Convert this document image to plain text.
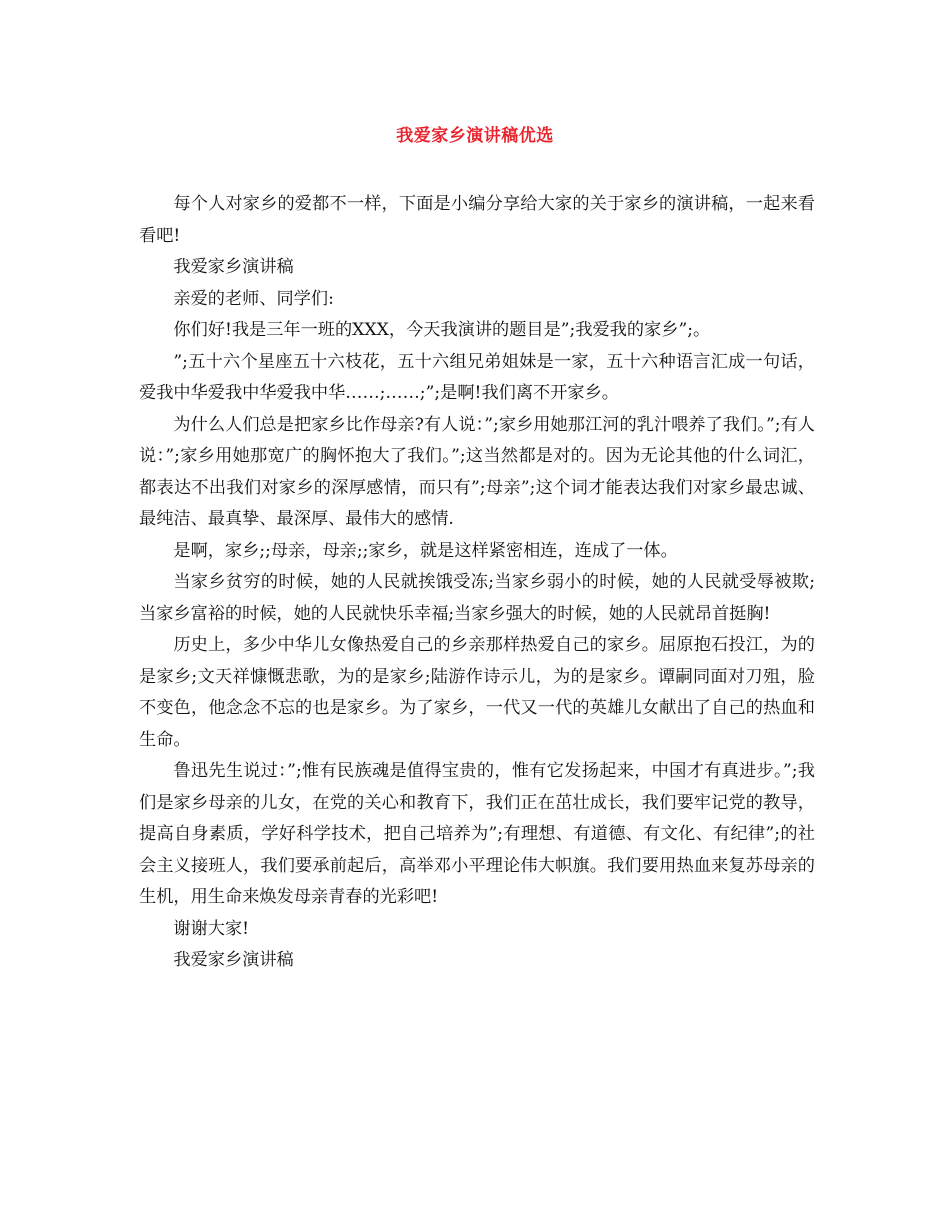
我爱家乡演讲稿优选

每个人对家乡的爱都不一样，下面是小编分享给大家的关于家乡的演讲稿，一起来看看吧!

我爱家乡演讲稿

亲爱的老师、同学们:

你们好!我是三年一班的XXX，今天我演讲的题目是”;我爱我的家乡”;。

”;五十六个星座五十六枝花，五十六组兄弟姐妹是一家，五十六种语言汇成一句话，爱我中华爱我中华爱我中华……;……;”;是啊!我们离不开家乡。

为什么人们总是把家乡比作母亲?有人说：”;家乡用她那江河的乳汁喂养了我们。”;有人说：”;家乡用她那宽广的胸怀抱大了我们。”;这当然都是对的。因为无论其他的什么词汇，都表达不出我们对家乡的深厚感情，而只有”;母亲”;这个词才能表达我们对家乡最忠诚、最纯洁、最真挚、最深厚、最伟大的感情.

是啊，家乡;;母亲，母亲;;家乡，就是这样紧密相连，连成了一体。

当家乡贫穷的时候，她的人民就挨饿受冻;当家乡弱小的时候，她的人民就受辱被欺;当家乡富裕的时候，她的人民就快乐幸福;当家乡强大的时候，她的人民就昂首挺胸!

历史上，多少中华儿女像热爱自己的乡亲那样热爱自己的家乡。屈原抱石投江，为的是家乡;文天祥慷慨悲歌，为的是家乡;陆游作诗示儿，为的是家乡。谭嗣同面对刀殂，脸不变色，他念念不忘的也是家乡。为了家乡，一代又一代的英雄儿女献出了自己的热血和生命。

鲁迅先生说过：”;惟有民族魂是值得宝贵的，惟有它发扬起来，中国才有真进步。”;我们是家乡母亲的儿女，在党的关心和教育下，我们正在茁壮成长，我们要牢记党的教导，提高自身素质，学好科学技术，把自己培养为”;有理想、有道德、有文化、有纪律”;的社会主义接班人，我们要承前起后，高举邓小平理论伟大帜旗。我们要用热血来复苏母亲的生机，用生命来焕发母亲青春的光彩吧!

谢谢大家!

我爱家乡演讲稿
